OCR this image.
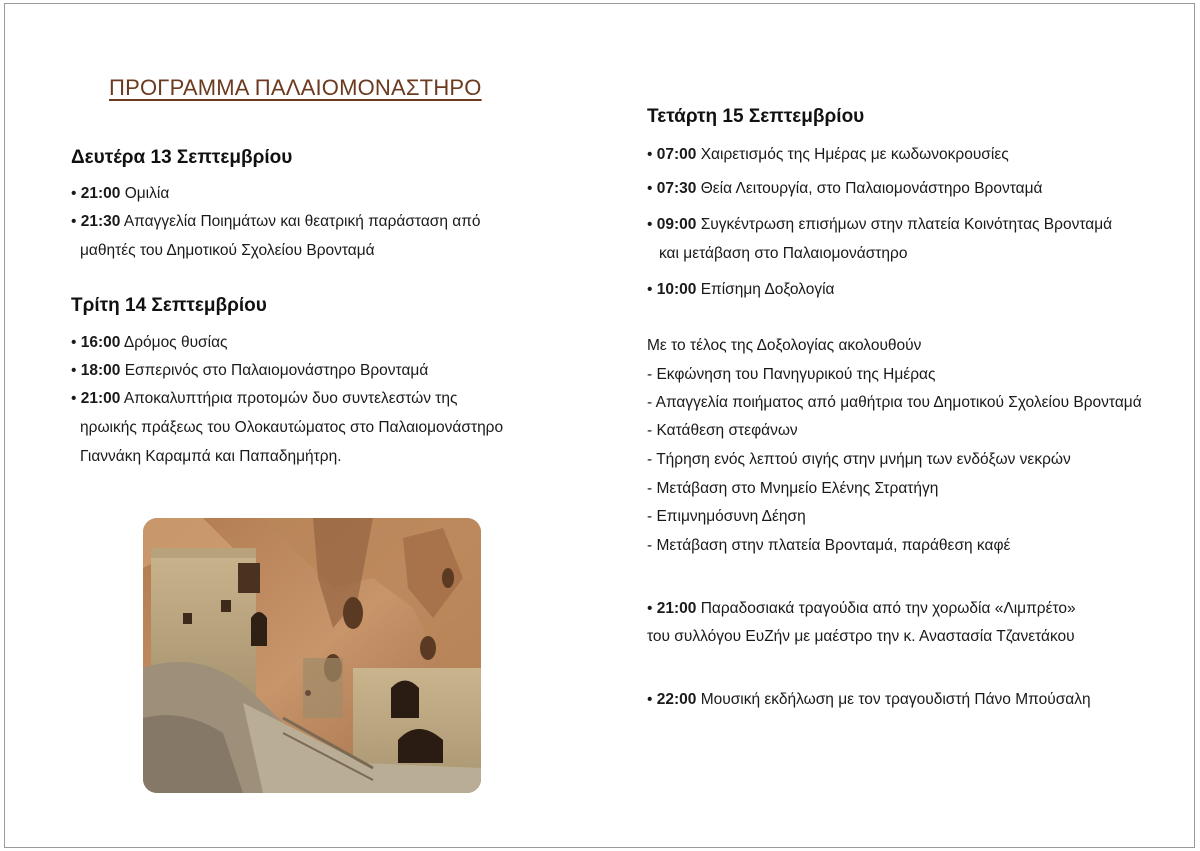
ΠΡΟΓΡΑΜΜΑ ΠΑΛΑΙΟΜΟΝΑΣΤΗΡΟ
Δευτέρα 13 Σεπτεμβρίου
• 21:00 Ομιλία
• 21:30 Απαγγελία Ποιημάτων και θεατρική παράσταση από
μαθητές του Δημοτικού Σχολείου Βρονταμά
Τρίτη 14 Σεπτεμβρίου
• 16:00 Δρόμος θυσίας
• 18:00 Εσπερινός στο Παλαιομονάστηρο Βρονταμά
• 21:00 Αποκαλυπτήρια προτομών δυο συντελεστών της
ηρωικής πράξεως του Ολοκαυτώματος στο Παλαιομονάστηρο
Γιαννάκη Καραμπά και Παπαδημήτρη.
Τετάρτη 15 Σεπτεμβρίου
• 07:00 Χαιρετισμός της Ημέρας με κωδωνοκρουσίες
• 07:30 Θεία Λειτουργία, στο Παλαιομονάστηρο Βρονταμά
• 09:00 Συγκέντρωση επισήμων στην πλατεία Κοινότητας Βρονταμά
και μετάβαση στο Παλαιομονάστηρο
• 10:00 Επίσημη Δοξολογία
Με το τέλος της Δοξολογίας ακολουθούν
- Εκφώνηση του Πανηγυρικού της Ημέρας
- Απαγγελία ποιήματος από μαθήτρια του Δημοτικού Σχολείου Βρονταμά
- Κατάθεση στεφάνων
- Τήρηση ενός λεπτού σιγής στην μνήμη των ενδόξων νεκρών
- Μετάβαση στο Μνημείο Ελένης Στρατήγη
- Επιμνημόσυνη Δέηση
- Μετάβαση στην πλατεία Βρονταμά, παράθεση καφέ
• 21:00 Παραδοσιακά τραγούδια από την χορωδία «Λιμπρέτο»
του συλλόγου ΕυΖήν με μαέστρο την κ. Αναστασία Τζανετάκου
• 22:00 Μουσική εκδήλωση με τον τραγουδιστή Πάνο Μπούσαλη
